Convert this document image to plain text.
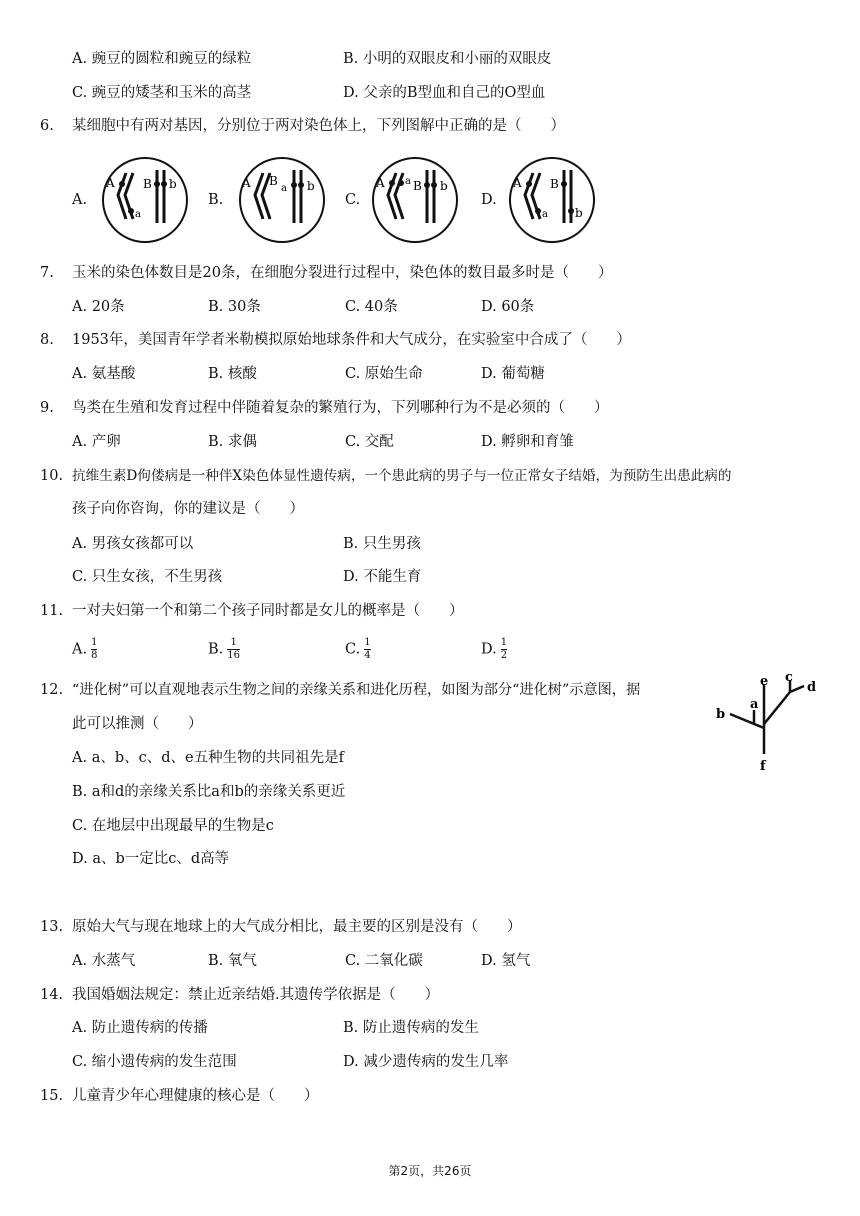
A. 豌豆的圆粒和豌豆的绿粒	B. 小明的双眼皮和小丽的双眼皮
C. 豌豆的矮茎和玉米的高茎	D. 父亲的B型血和自己的O型血
6. 某细胞中有两对基因，分别位于两对染色体上，下列图解中正确的是（　　）
A.	B.	C.	D.
A
a
B b	A B
a b	A a B b	A
a
B
b
7. 玉米的染色体数目是20条，在细胞分裂进行过程中，染色体的数目最多时是（　　）
A. 20条	B. 30条	C. 40条	D. 60条
8. 1953年，美国青年学者米勒模拟原始地球条件和大气成分，在实验室中合成了（　　）
A. 氨基酸	B. 核酸	C. 原始生命	D. 葡萄糖
9. 鸟类在生殖和发育过程中伴随着复杂的繁殖行为，下列哪种行为不是必须的（　　）
A. 产卵	B. 求偶	C. 交配	D. 孵卵和育雏
10. 抗维生素D佝偻病是一种伴X染色体显性遗传病，一个患此病的男子与一位正常女子结婚，为预防生出患此病的
孩子向你咨询，你的建议是（　　）
A. 男孩女孩都可以	B. 只生男孩
C. 只生女孩，不生男孩	D. 不能生育
11. 一对夫妇第一个和第二个孩子同时都是女儿的概率是（　　）
A. $\frac{1}{8}$	B. $\frac{1}{16}$	C. $\frac{1}{4}$	D. $\frac{1}{2}$
12. “进化树”可以直观地表示生物之间的亲缘关系和进化历程，如图为部分“进化树”示意图，据
此可以推测（　　）
A. a、b、c、d、e五种生物的共同祖先是f
B. a和d的亲缘关系比a和b的亲缘关系更近
C. 在地层中出现最早的生物是c
D. a、b一定比c、d高等
e c
d
a
b
f
13. 原始大气与现在地球上的大气成分相比，最主要的区别是没有（　　）
A. 水蒸气	B. 氧气	C. 二氧化碳	D. 氢气
14. 我国婚姻法规定：禁止近亲结婚.其遗传学依据是（　　）
A. 防止遗传病的传播	B. 防止遗传病的发生
C. 缩小遗传病的发生范围	D. 减少遗传病的发生几率
15. 儿童青少年心理健康的核心是（　　）
第2页，共26页
